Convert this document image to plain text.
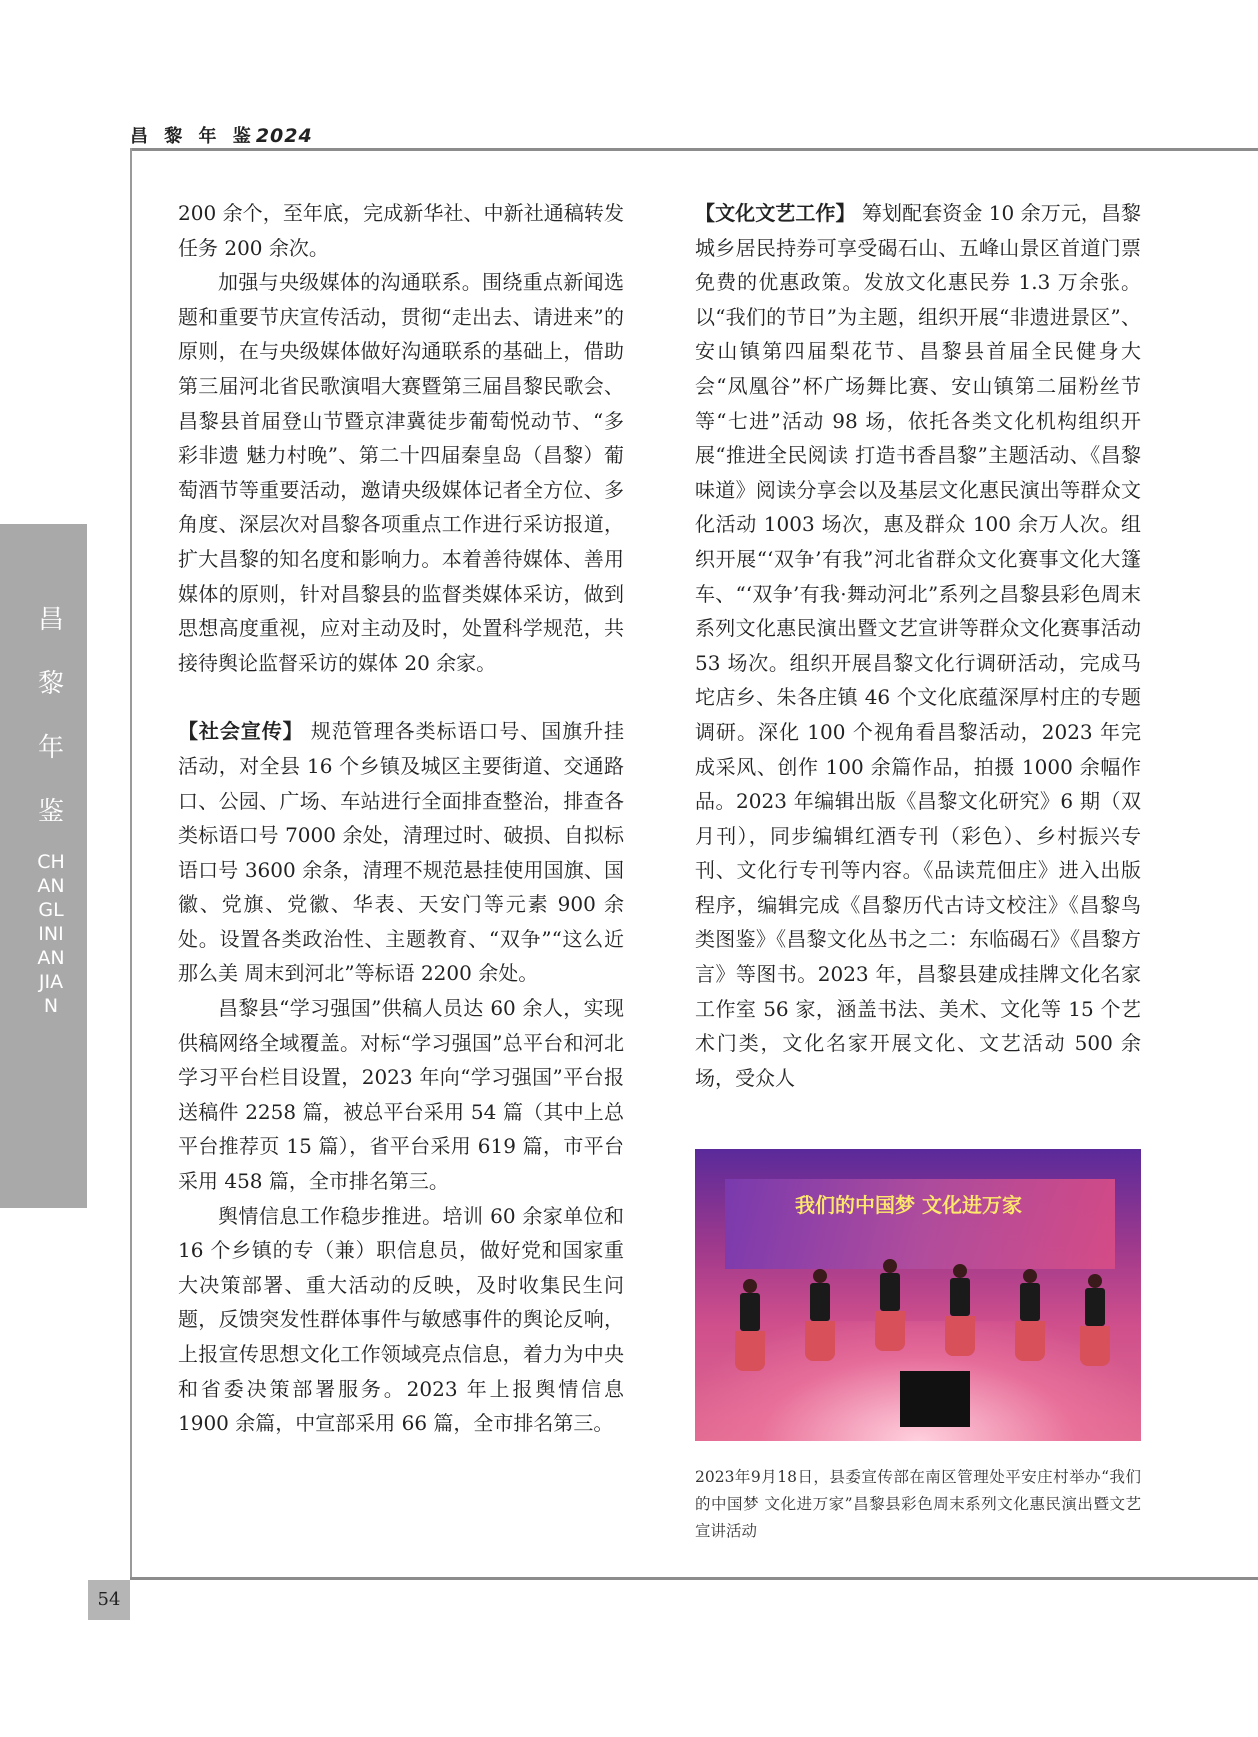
昌 黎 年 鉴2024
昌黎年鉴
CHANGLINIANJIAN
54

200 余个，至年底，完成新华社、中新社通稿转发任务 200 余次。

加强与央级媒体的沟通联系。围绕重点新闻选题和重要节庆宣传活动，贯彻“走出去、请进来”的原则，在与央级媒体做好沟通联系的基础上，借助第三届河北省民歌演唱大赛暨第三届昌黎民歌会、昌黎县首届登山节暨京津冀徒步葡萄悦动节、“多彩非遗 魅力村晚”、第二十四届秦皇岛（昌黎）葡萄酒节等重要活动，邀请央级媒体记者全方位、多角度、深层次对昌黎各项重点工作进行采访报道，扩大昌黎的知名度和影响力。本着善待媒体、善用媒体的原则，针对昌黎县的监督类媒体采访，做到思想高度重视，应对主动及时，处置科学规范，共接待舆论监督采访的媒体 20 余家。

【社会宣传】 规范管理各类标语口号、国旗升挂活动，对全县 16 个乡镇及城区主要街道、交通路口、公园、广场、车站进行全面排查整治，排查各类标语口号 7000 余处，清理过时、破损、自拟标语口号 3600 余条，清理不规范悬挂使用国旗、国徽、党旗、党徽、华表、天安门等元素 900 余处。设置各类政治性、主题教育、“双争”“这么近 那么美 周末到河北”等标语 2200 余处。

昌黎县“学习强国”供稿人员达 60 余人，实现供稿网络全域覆盖。对标“学习强国”总平台和河北学习平台栏目设置，2023 年向“学习强国”平台报送稿件 2258 篇，被总平台采用 54 篇（其中上总平台推荐页 15 篇），省平台采用 619 篇，市平台采用 458 篇，全市排名第三。

舆情信息工作稳步推进。培训 60 余家单位和 16 个乡镇的专（兼）职信息员，做好党和国家重大决策部署、重大活动的反映，及时收集民生问题，反馈突发性群体事件与敏感事件的舆论反响，上报宣传思想文化工作领域亮点信息，着力为中央和省委决策部署服务。2023 年上报舆情信息 1900 余篇，中宣部采用 66 篇，全市排名第三。

【文化文艺工作】 筹划配套资金 10 余万元，昌黎城乡居民持券可享受碣石山、五峰山景区首道门票免费的优惠政策。发放文化惠民券 1.3 万余张。以“我们的节日”为主题，组织开展“非遗进景区”、安山镇第四届梨花节、昌黎县首届全民健身大会“凤凰谷”杯广场舞比赛、安山镇第二届粉丝节等“七进”活动 98 场，依托各类文化机构组织开展“推进全民阅读 打造书香昌黎”主题活动、《昌黎味道》阅读分享会以及基层文化惠民演出等群众文化活动 1003 场次，惠及群众 100 余万人次。组织开展“‘双争’有我”河北省群众文化赛事文化大篷车、“‘双争’有我·舞动河北”系列之昌黎县彩色周末系列文化惠民演出暨文艺宣讲等群众文化赛事活动 53 场次。组织开展昌黎文化行调研活动，完成马坨店乡、朱各庄镇 46 个文化底蕴深厚村庄的专题调研。深化 100 个视角看昌黎活动，2023 年完成采风、创作 100 余篇作品，拍摄 1000 余幅作品。2023 年编辑出版《昌黎文化研究》6 期（双月刊），同步编辑红酒专刊（彩色）、乡村振兴专刊、文化行专刊等内容。《品读荒佃庄》进入出版程序，编辑完成《昌黎历代古诗文校注》《昌黎鸟类图鉴》《昌黎文化丛书之二：东临碣石》《昌黎方言》等图书。2023 年，昌黎县建成挂牌文化名家工作室 56 家，涵盖书法、美术、文化等 15 个艺术门类，文化名家开展文化、文艺活动 500 余场，受众人

我们的中国梦 文化进万家
2023年9月18日，县委宣传部在南区管理处平安庄村举办“我们的中国梦 文化进万家”昌黎县彩色周末系列文化惠民演出暨文艺宣讲活动
